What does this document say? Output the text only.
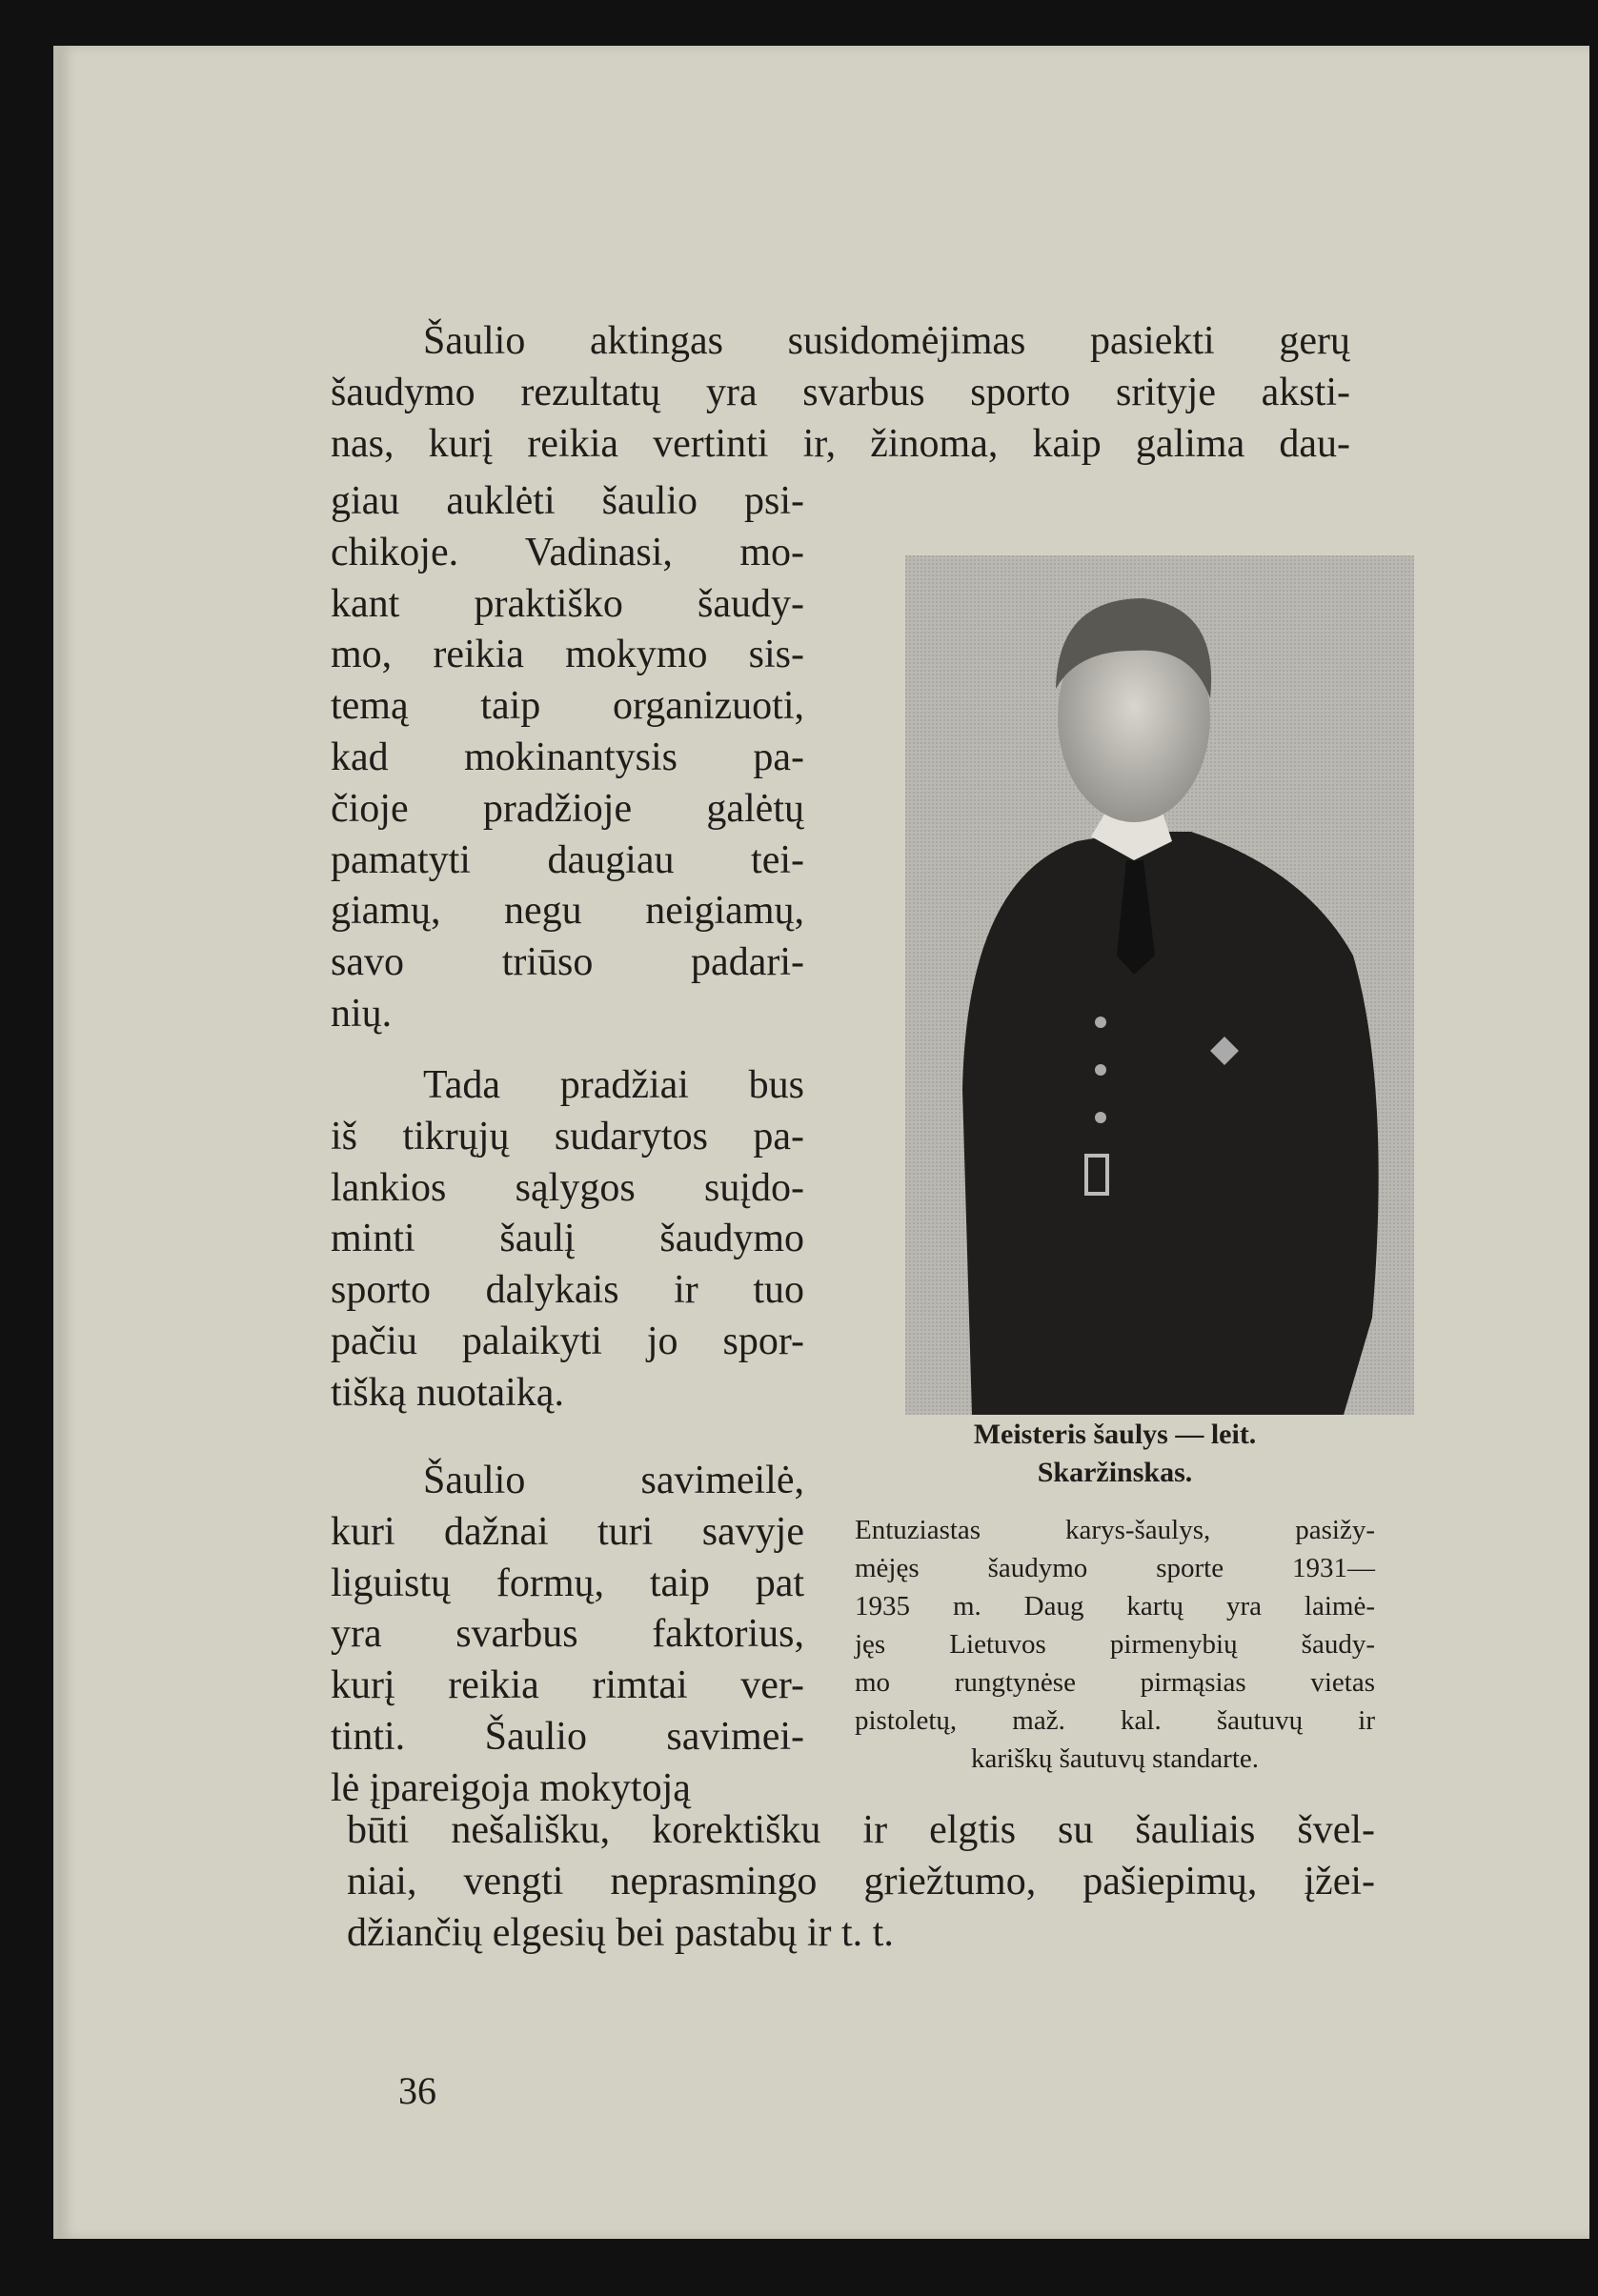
Šaulio aktingas susidomėjimas pasiekti gerų
šaudymo rezultatų yra svarbus sporto srityje aksti-
nas, kurį reikia vertinti ir, žinoma, kaip galima dau-
giau auklėti šaulio psi-
chikoje. Vadinasi, mo-
kant praktiško šaudy-
mo, reikia mokymo sis-
temą taip organizuoti,
kad mokinantysis pa-
čioje pradžioje galėtų
pamatyti daugiau tei-
giamų, negu neigiamų,
savo triūso padari-
nių.
Tada pradžiai bus
iš tikrųjų sudarytos pa-
lankios sąlygos suįdo-
minti šaulį šaudymo
sporto dalykais ir tuo
pačiu palaikyti jo spor-
tišką nuotaiką.
Šaulio savimeilė,
kuri dažnai turi savyje
liguistų formų, taip pat
yra svarbus faktorius,
kurį reikia rimtai ver-
tinti. Šaulio savimei-
lė įpareigoja mokytoją
būti nešališku, korektišku ir elgtis su šauliais švel-
niai, vengti neprasmingo griežtumo, pašiepimų, įžei-
džiančių elgesių bei pastabų ir t. t.
Meisteris šaulys — leit.
Skaržinskas.
Entuziastas karys-šaulys, pasižy-
mėjęs šaudymo sporte 1931—
1935 m. Daug kartų yra laimė-
jęs Lietuvos pirmenybių šaudy-
mo rungtynėse pirmąsias vietas
pistoletų, maž. kal. šautuvų ir
kariškų šautuvų standarte.
36
